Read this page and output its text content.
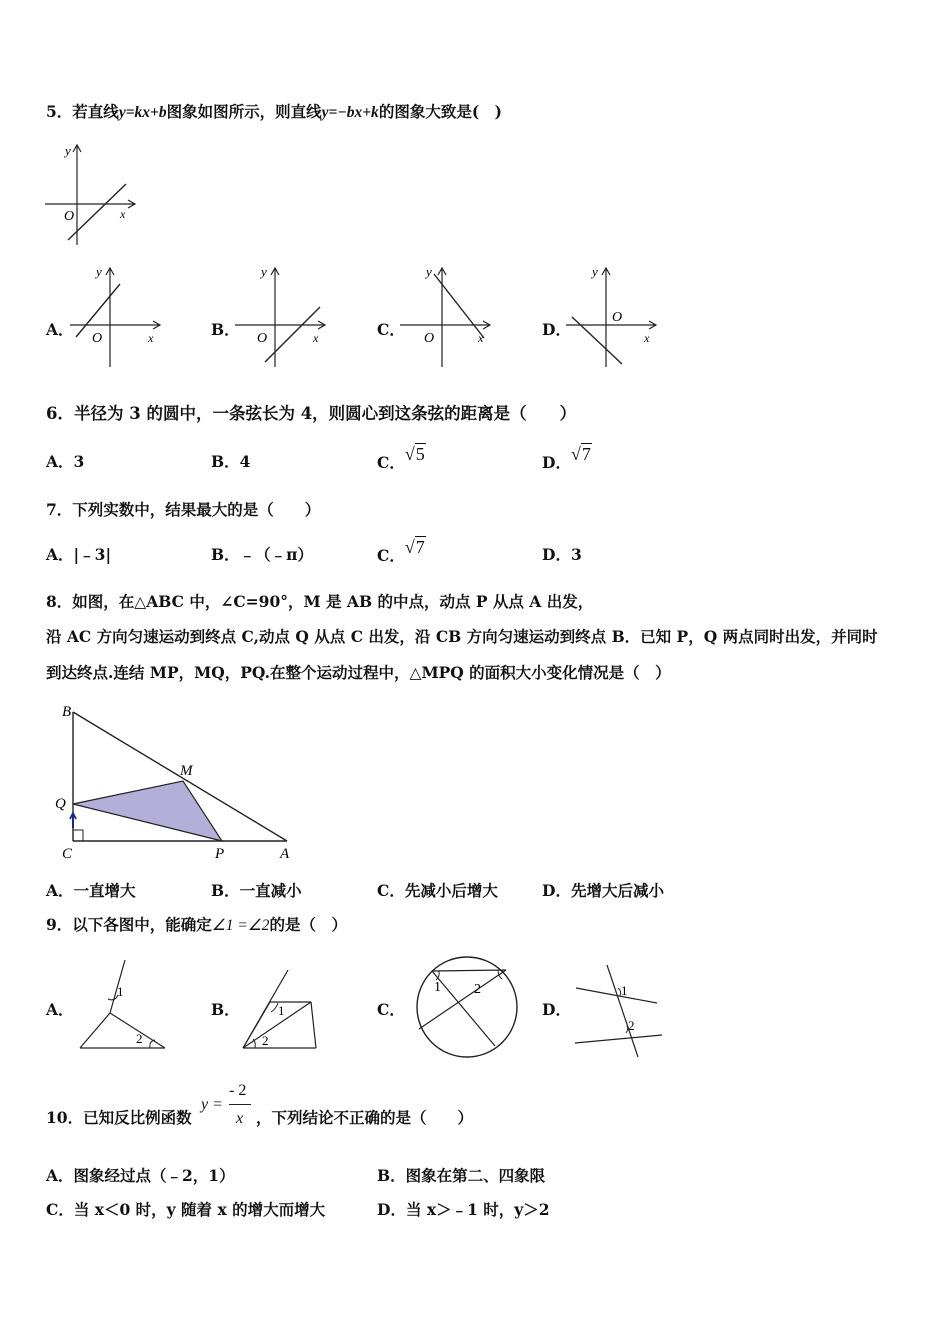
5．若直线y=kx+b图象如图所示，则直线y=−bx+k的图象大致是(　)
y
O	x
A．
y
O	x	B．
y
O	x	C．
y
O	x	D．
y
O
x
6．半径为 3 的圆中，一条弦长为 4，则圆心到这条弦的距离是（　　）
A．3	B．4	C．√5	D．√7
7．下列实数中，结果最大的是（　　）
A．|﹣3|	B．﹣（﹣π）	C．√7	D．3
8．如图，在△ABC 中，∠C=90°，M 是 AB 的中点，动点 P 从点 A 出发，
沿 AC 方向匀速运动到终点 C,动点 Q 从点 C 出发，沿 CB 方向匀速运动到终点 B．已知 P，Q 两点同时出发，并同时
到达终点.连结 MP，MQ，PQ.在整个运动过程中，△MPQ 的面积大小变化情况是（　）
B
M
Q
C	P	A
A．一直增大	B．一直减小	C．先减小后增大	D．先增大后减小
9．以下各图中，能确定∠1 =∠2的是（　）
A．
1
2
B．	1
2
C．
1 2
D．
1
2
10．已知反比例函数
y =
- 2
x ，下列结论不正确的是（　　）
A．图象经过点（﹣2，1）	B．图象在第二、四象限
C．当 x＜0 时，y 随着 x 的增大而增大	D．当 x＞﹣1 时，y＞2
